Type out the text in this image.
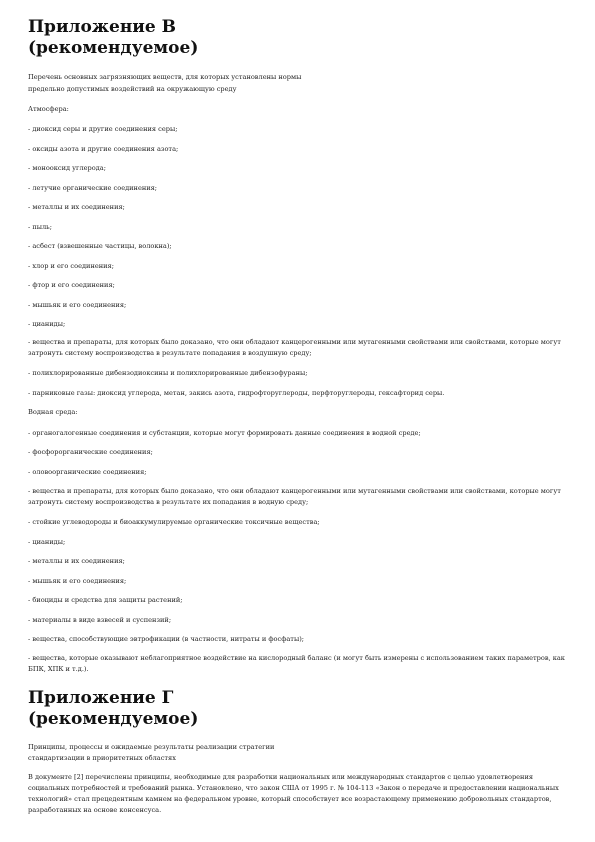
Приложение В
(рекомендуемое)
Перечень основных загрязняющих веществ, для которых установлены нормы
предельно допустимых воздействий на окружающую среду
Атмосфера:
- диоксид серы и другие соединения серы;
- оксиды азота и другие соединения азота;
- монооксид углерода;
- летучие органические соединения;
- металлы и их соединения;
- пыль;
- асбест (взвешенные частицы, волокна);
- хлор и его соединения;
- фтор и его соединения;
- мышьяк и его соединения;
- цианиды;
- вещества и препараты, для которых было доказано, что они обладают канцерогенными или мутагенными свойствами или свойствами, которые могут затронуть систему воспроизводства в результате попадания в воздушную среду;
- полихлорированные дибензодиоксины и полихлорированные дибензофураны;
- парниковые газы: диоксид углерода, метан, закись азота, гидрофторуглероды, перфторуглероды, гексафторид серы.
Водная среда:
- органогалогенные соединения и субстанции, которые могут формировать данные соединения в водной среде;
- фосфорорганические соединения;
- оловоорганические соединения;
- вещества и препараты, для которых было доказано, что они обладают канцерогенными или мутагенными свойствами или свойствами, которые могут затронуть систему воспроизводства в результате их попадания в водную среду;
- стойкие углеводороды и биоаккумулируемые органические токсичные вещества;
- цианиды;
- металлы и их соединения;
- мышьяк и его соединения;
- биоциды и средства для защиты растений;
- материалы в виде взвесей и суспензий;
- вещества, способствующие эвтрофикации (в частности, нитраты и фосфаты);
- вещества, которые оказывают неблагоприятное воздействие на кислородный баланс (и могут быть измерены с использованием таких параметров, как БПК, ХПК и т.д.).
Приложение Г
(рекомендуемое)
Принципы, процессы и ожидаемые результаты реализации стратегии
стандартизации в приоритетных областях
В документе [2] перечислены принципы, необходимые для разработки национальных или международных стандартов с целью удовлетворения социальных потребностей и требований рынка. Установлено, что закон США от 1995 г. № 104-113 «Закон о передаче и предоставлении национальных технологий» стал прецедентным камнем на федеральном уровне, который способствует все возрастающему применению добровольных стандартов, разработанных на основе консенсуса.
